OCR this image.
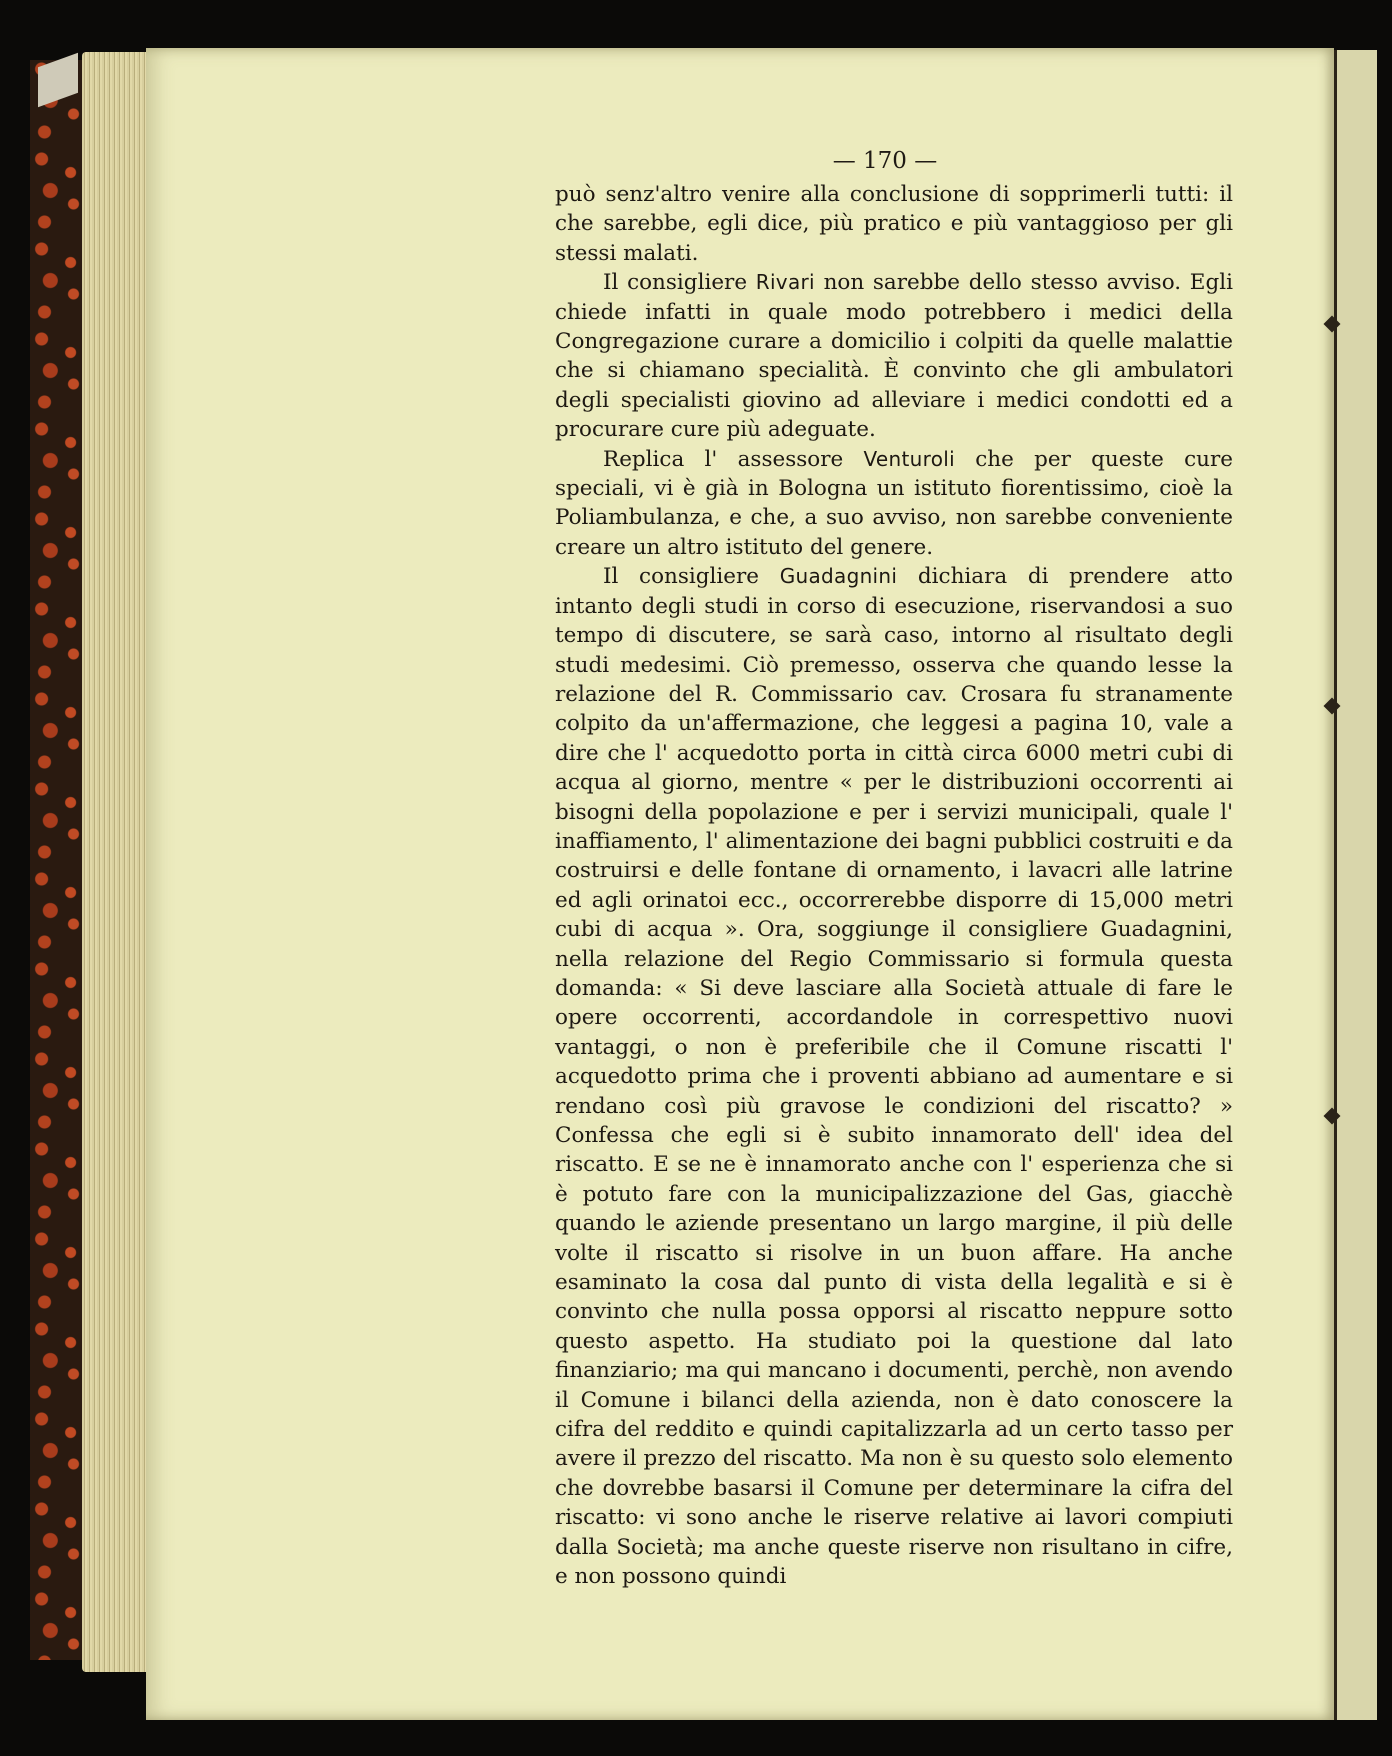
— 170 —

può senz'altro venire alla conclusione di sopprimerli tutti: il che sarebbe, egli dice, più pratico e più vantaggioso per gli stessi malati.

Il consigliere Rivari non sarebbe dello stesso avviso. Egli chiede infatti in quale modo potrebbero i medici della Congregazione curare a domicilio i colpiti da quelle malattie che si chiamano specialità. È convinto che gli ambulatori degli specialisti giovino ad alleviare i medici condotti ed a procurare cure più adeguate.

Replica l' assessore Venturoli che per queste cure speciali, vi è già in Bologna un istituto fiorentissimo, cioè la Poliambulanza, e che, a suo avviso, non sarebbe conveniente creare un altro istituto del genere.

Il consigliere Guadagnini dichiara di prendere atto intanto degli studi in corso di esecuzione, riservandosi a suo tempo di discutere, se sarà caso, intorno al risultato degli studi medesimi. Ciò premesso, osserva che quando lesse la relazione del R. Commissario cav. Crosara fu stranamente colpito da un'affermazione, che leggesi a pagina 10, vale a dire che l' acquedotto porta in città circa 6000 metri cubi di acqua al giorno, mentre « per le distribuzioni occorrenti ai bisogni della popolazione e per i servizi municipali, quale l' inaffiamento, l' alimentazione dei bagni pubblici costruiti e da costruirsi e delle fontane di ornamento, i lavacri alle latrine ed agli orinatoi ecc., occorrerebbe disporre di 15,000 metri cubi di acqua ». Ora, soggiunge il consigliere Guadagnini, nella relazione del Regio Commissario si formula questa domanda: « Si deve lasciare alla Società attuale di fare le opere occorrenti, accordandole in correspettivo nuovi vantaggi, o non è preferibile che il Comune riscatti l' acquedotto prima che i proventi abbiano ad aumentare e si rendano così più gravose le condizioni del riscatto? » Confessa che egli si è subito innamorato dell' idea del riscatto. E se ne è innamorato anche con l' esperienza che si è potuto fare con la municipalizzazione del Gas, giacchè quando le aziende presentano un largo margine, il più delle volte il riscatto si risolve in un buon affare. Ha anche esaminato la cosa dal punto di vista della legalità e si è convinto che nulla possa opporsi al riscatto neppure sotto questo aspetto. Ha studiato poi la questione dal lato finanziario; ma qui mancano i documenti, perchè, non avendo il Comune i bilanci della azienda, non è dato conoscere la cifra del reddito e quindi capitalizzarla ad un certo tasso per avere il prezzo del riscatto. Ma non è su questo solo elemento che dovrebbe basarsi il Comune per determinare la cifra del riscatto: vi sono anche le riserve relative ai lavori compiuti dalla Società; ma anche queste riserve non risultano in cifre, e non possono quindi
